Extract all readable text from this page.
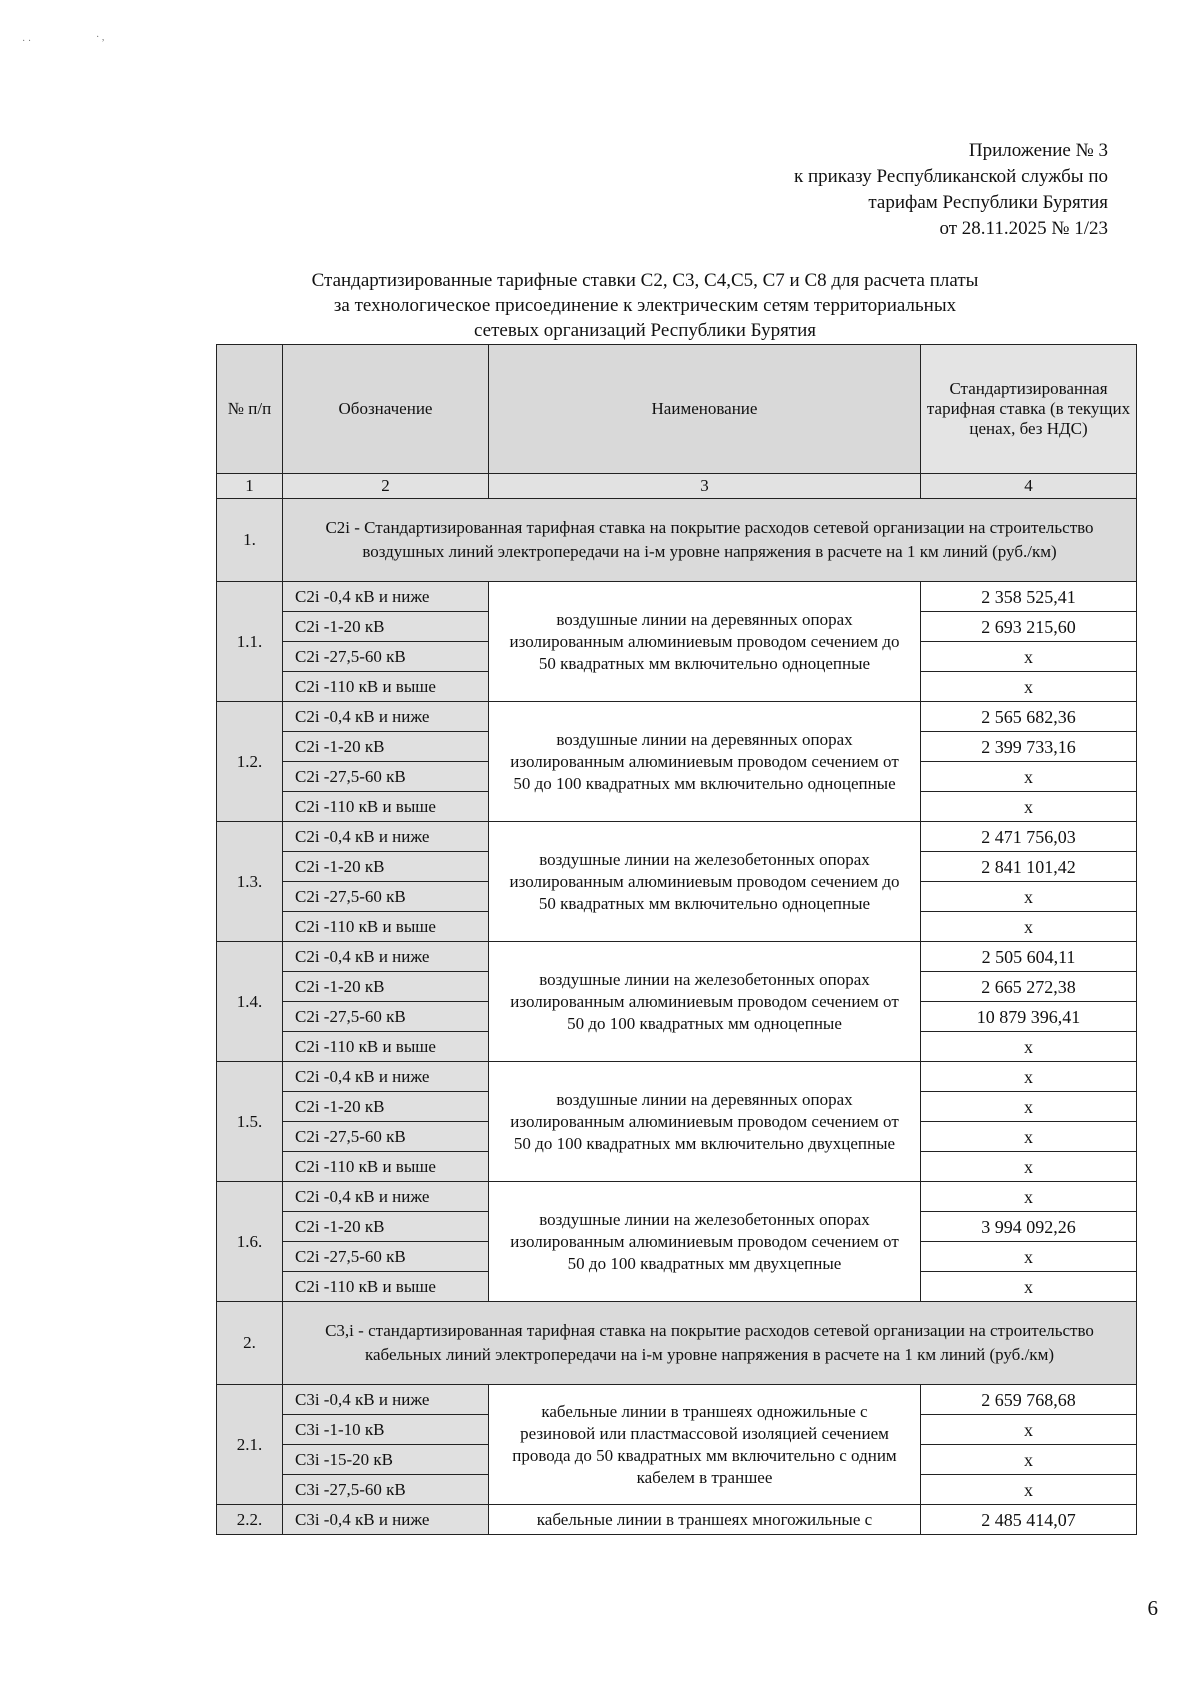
· ·	· ,
Приложение № 3
к приказу Республиканской службы по
тарифам Республики Бурятия
от 28.11.2025 № 1/23
Стандартизированные тарифные ставки С2, С3, С4,С5, С7 и С8 для расчета платы
за технологическое присоединение к электрическим сетям территориальных
сетевых организаций Республики Бурятия
№ п/п	Обозначение	Наименование	Стандартизированная тарифная ставка (в текущих ценах, без НДС)
1	2	3	4
1.	С2i - Стандартизированная тарифная ставка на покрытие расходов сетевой организации на строительство воздушных линий электропередачи на i-м уровне напряжения в расчете на 1 км линий (руб./км)		
1.1.	С2i -0,4 кВ и ниже	воздушные линии на деревянных опорах изолированным алюминиевым проводом сечением до 50 квадратных мм включительно одноцепные	2 358 525,41
	С2i -1-20 кВ		2 693 215,60
	С2i -27,5-60 кВ		х
	С2i -110 кВ и выше		х
1.2.	С2i -0,4 кВ и ниже	воздушные линии на деревянных опорах изолированным алюминиевым проводом сечением от 50 до 100 квадратных мм включительно одноцепные	2 565 682,36
	С2i -1-20 кВ		2 399 733,16
	С2i -27,5-60 кВ		х
	С2i -110 кВ и выше		х
1.3.	С2i -0,4 кВ и ниже	воздушные линии на железобетонных опорах изолированным алюминиевым проводом сечением до 50 квадратных мм включительно одноцепные	2 471 756,03
	С2i -1-20 кВ		2 841 101,42
	С2i -27,5-60 кВ		х
	С2i -110 кВ и выше		х
1.4.	С2i -0,4 кВ и ниже	воздушные линии на железобетонных опорах изолированным алюминиевым проводом сечением от 50 до 100 квадратных мм одноцепные	2 505 604,11
	С2i -1-20 кВ		2 665 272,38
	С2i -27,5-60 кВ		10 879 396,41
	С2i -110 кВ и выше		х
1.5.	С2i -0,4 кВ и ниже	воздушные линии на деревянных опорах изолированным алюминиевым проводом сечением от 50 до 100 квадратных мм включительно двухцепные	х
	С2i -1-20 кВ		х
	С2i -27,5-60 кВ		х
	С2i -110 кВ и выше		х
1.6.	С2i -0,4 кВ и ниже	воздушные линии на железобетонных опорах изолированным алюминиевым проводом сечением от 50 до 100 квадратных мм двухцепные	х
	С2i -1-20 кВ		3 994 092,26
	С2i -27,5-60 кВ		х
	С2i -110 кВ и выше		х
2.	С3,i - стандартизированная тарифная ставка на покрытие расходов сетевой организации на строительство кабельных линий электропередачи на i-м уровне напряжения в расчете на 1 км линий (руб./км)		
2.1.	С3i -0,4 кВ и ниже	кабельные линии в траншеях одножильные с резиновой или пластмассовой изоляцией сечением провода до 50 квадратных мм включительно с одним кабелем в траншее	2 659 768,68
	С3i -1-10 кВ		х
	С3i -15-20 кВ		х
	С3i -27,5-60 кВ		х
2.2.	С3i -0,4 кВ и ниже	кабельные линии в траншеях многожильные с	2 485 414,07
6
